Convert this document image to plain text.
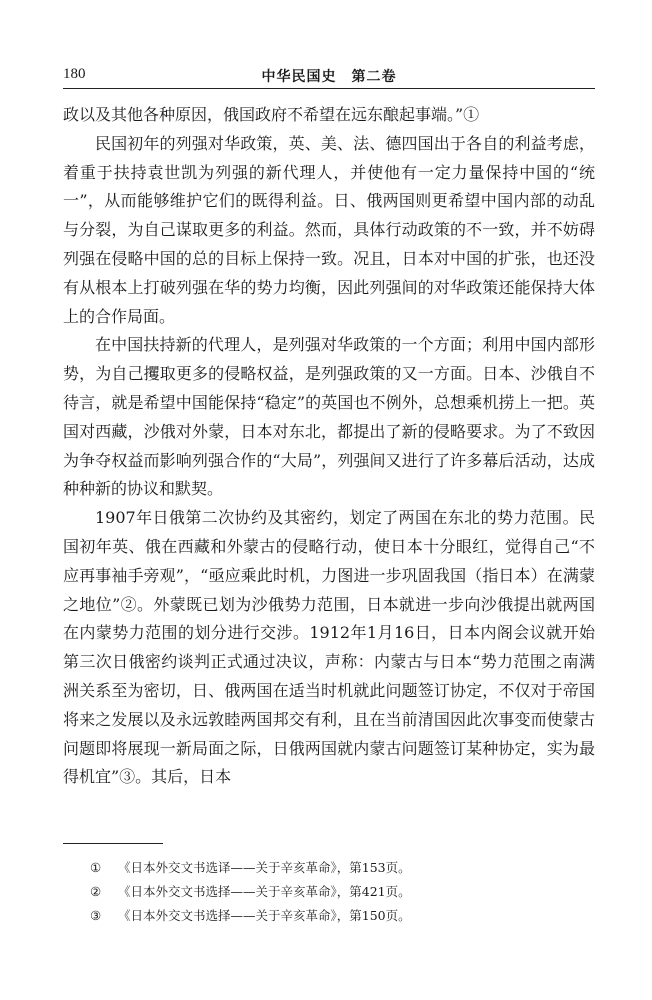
180	中华民国史　第二卷

政以及其他各种原因，俄国政府不希望在远东酿起事端。”①

民国初年的列强对华政策，英、美、法、德四国出于各自的利益考虑，着重于扶持袁世凯为列强的新代理人，并使他有一定力量保持中国的“统一”，从而能够维护它们的既得利益。日、俄两国则更希望中国内部的动乱与分裂，为自己谋取更多的利益。然而，具体行动政策的不一致，并不妨碍列强在侵略中国的总的目标上保持一致。况且，日本对中国的扩张，也还没有从根本上打破列强在华的势力均衡，因此列强间的对华政策还能保持大体上的合作局面。

在中国扶持新的代理人，是列强对华政策的一个方面；利用中国内部形势，为自己攫取更多的侵略权益，是列强政策的又一方面。日本、沙俄自不待言，就是希望中国能保持“稳定”的英国也不例外，总想乘机捞上一把。英国对西藏，沙俄对外蒙，日本对东北，都提出了新的侵略要求。为了不致因为争夺权益而影响列强合作的“大局”，列强间又进行了许多幕后活动，达成种种新的协议和默契。

1907年日俄第二次协约及其密约，划定了两国在东北的势力范围。民国初年英、俄在西藏和外蒙古的侵略行动，使日本十分眼红，觉得自己“不应再事袖手旁观”，“亟应乘此时机，力图进一步巩固我国（指日本）在满蒙之地位”②。外蒙既已划为沙俄势力范围，日本就进一步向沙俄提出就两国在内蒙势力范围的划分进行交涉。1912年1月16日，日本内阁会议就开始第三次日俄密约谈判正式通过决议，声称：内蒙古与日本“势力范围之南满洲关系至为密切，日、俄两国在适当时机就此问题签订协定，不仅对于帝国将来之发展以及永远敦睦两国邦交有利，且在当前清国因此次事变而使蒙古问题即将展现一新局面之际，日俄两国就内蒙古问题签订某种协定，实为最得机宜”③。其后，日本

①	《日本外交文书选译——关于辛亥革命》，第153页。
②	《日本外交文书选择——关于辛亥革命》，第421页。
③	《日本外交文书选择——关于辛亥革命》，第150页。
